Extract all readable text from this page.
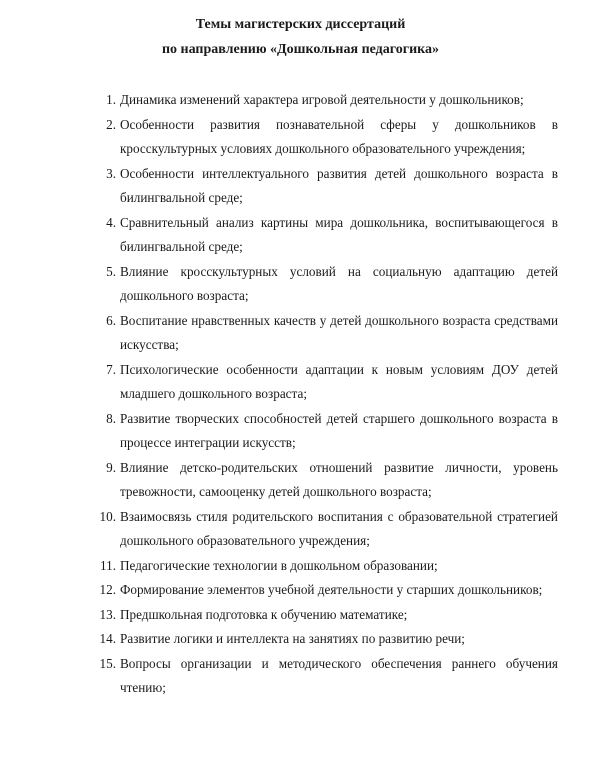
Темы магистерских диссертаций
по направлению «Дошкольная педагогика»
1. Динамика изменений характера игровой деятельности у дошкольников;
2. Особенности развития познавательной сферы у дошкольников в кросскультурных условиях дошкольного образовательного учреждения;
3. Особенности интеллектуального развития детей дошкольного возраста в билингвальной среде;
4. Сравнительный анализ картины мира дошкольника, воспитывающегося в билингвальной среде;
5. Влияние кросскультурных условий на социальную адаптацию детей дошкольного возраста;
6. Воспитание нравственных качеств у детей дошкольного возраста средствами искусства;
7. Психологические особенности адаптации к новым условиям ДОУ детей младшего дошкольного возраста;
8. Развитие творческих способностей детей старшего дошкольного возраста в процессе интеграции искусств;
9. Влияние детско-родительских отношений развитие личности, уровень тревожности, самооценку детей дошкольного возраста;
10. Взаимосвязь стиля родительского воспитания с образовательной стратегией дошкольного образовательного учреждения;
11. Педагогические технологии в дошкольном образовании;
12. Формирование элементов учебной деятельности у старших дошкольников;
13. Предшкольная подготовка к обучению математике;
14. Развитие логики и интеллекта на занятиях по развитию речи;
15. Вопросы организации и методического обеспечения раннего обучения чтению;
